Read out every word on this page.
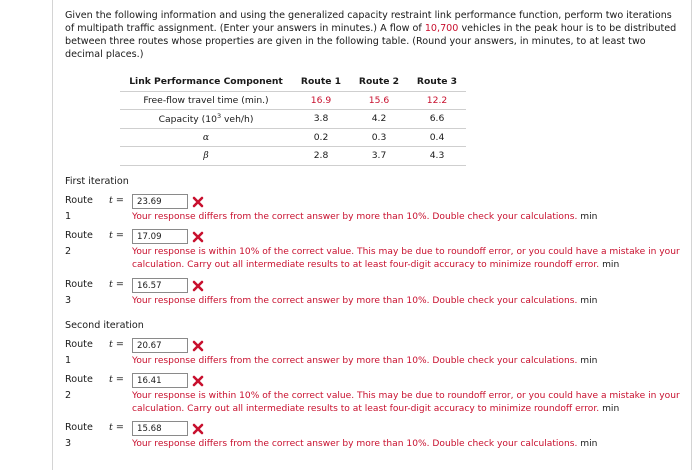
Given the following information and using the generalized capacity restraint link performance function, perform two iterations of multipath traffic assignment. (Enter your answers in minutes.) A flow of 10,700 vehicles in the peak hour is to be distributed between three routes whose properties are given in the following table. (Round your answers, in minutes, to at least two decimal places.)
Link Performance Component	Route 1	Route 2	Route 3
Free-flow travel time (min.)	16.9	15.6	12.2
Capacity ($10^3$ veh/h)	3.8	4.2	6.6
α	0.2	0.3	0.4
β	2.8	3.7	4.3
First iteration
Route
1
t =	23.69
Your response differs from the correct answer by more than 10%. Double check your calculations. min
Route
2
t =	17.09
Your response is within 10% of the correct value. This may be due to roundoff error, or you could have a mistake in your calculation. Carry out all intermediate results to at least four-digit accuracy to minimize roundoff error. min
Route
3
t =	16.57
Your response differs from the correct answer by more than 10%. Double check your calculations. min
Second iteration
Route
1
t =	20.67
Your response differs from the correct answer by more than 10%. Double check your calculations. min
Route
2
t =	16.41
Your response is within 10% of the correct value. This may be due to roundoff error, or you could have a mistake in your calculation. Carry out all intermediate results to at least four-digit accuracy to minimize roundoff error. min
Route
3
t =	15.68
Your response differs from the correct answer by more than 10%. Double check your calculations. min
